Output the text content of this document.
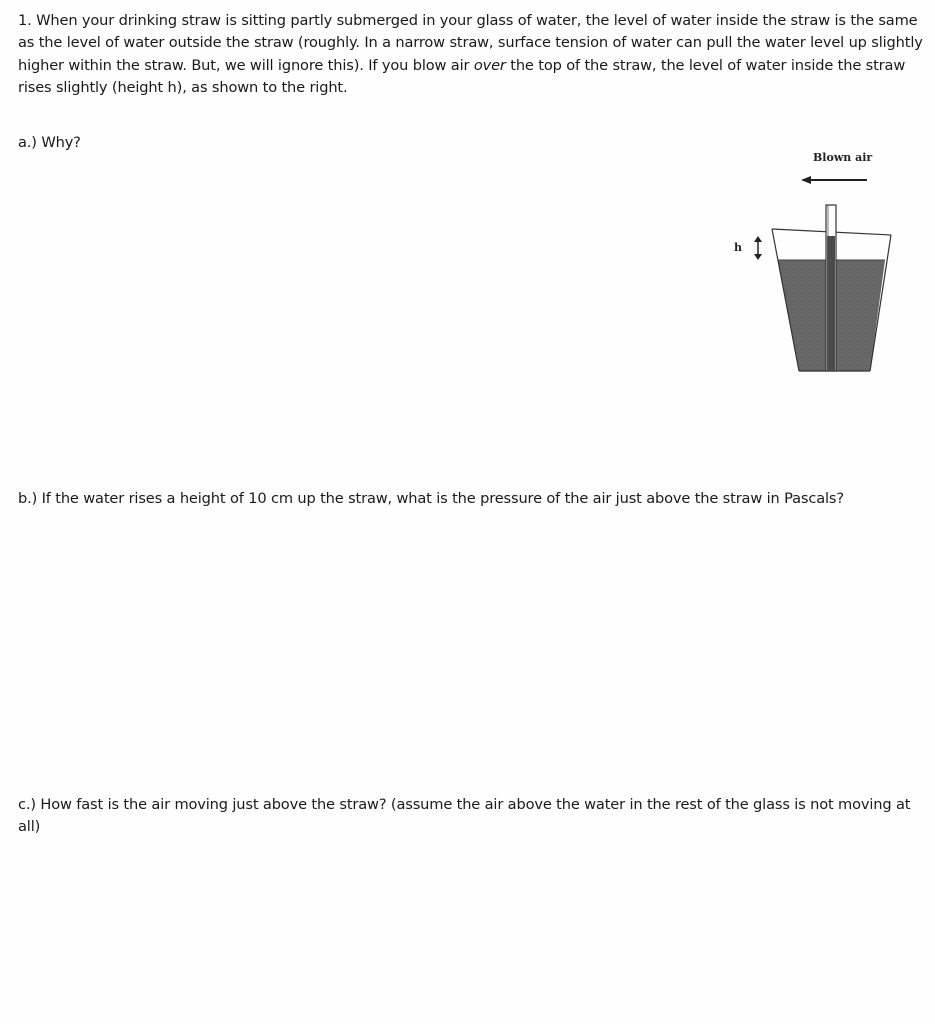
1. When your drinking straw is sitting partly submerged in your glass of water, the level of water inside the straw is the same as the level of water outside the straw (roughly. In a narrow straw, surface tension of water can pull the water level up slightly higher within the straw. But, we will ignore this). If you blow air over the top of the straw, the level of water inside the straw rises slightly (height h), as shown to the right.

a.) Why?

Blown air
h

b.) If the water rises a height of 10 cm up the straw, what is the pressure of the air just above the straw in Pascals?

c.) How fast is the air moving just above the straw? (assume the air above the water in the rest of the glass is not moving at all)
